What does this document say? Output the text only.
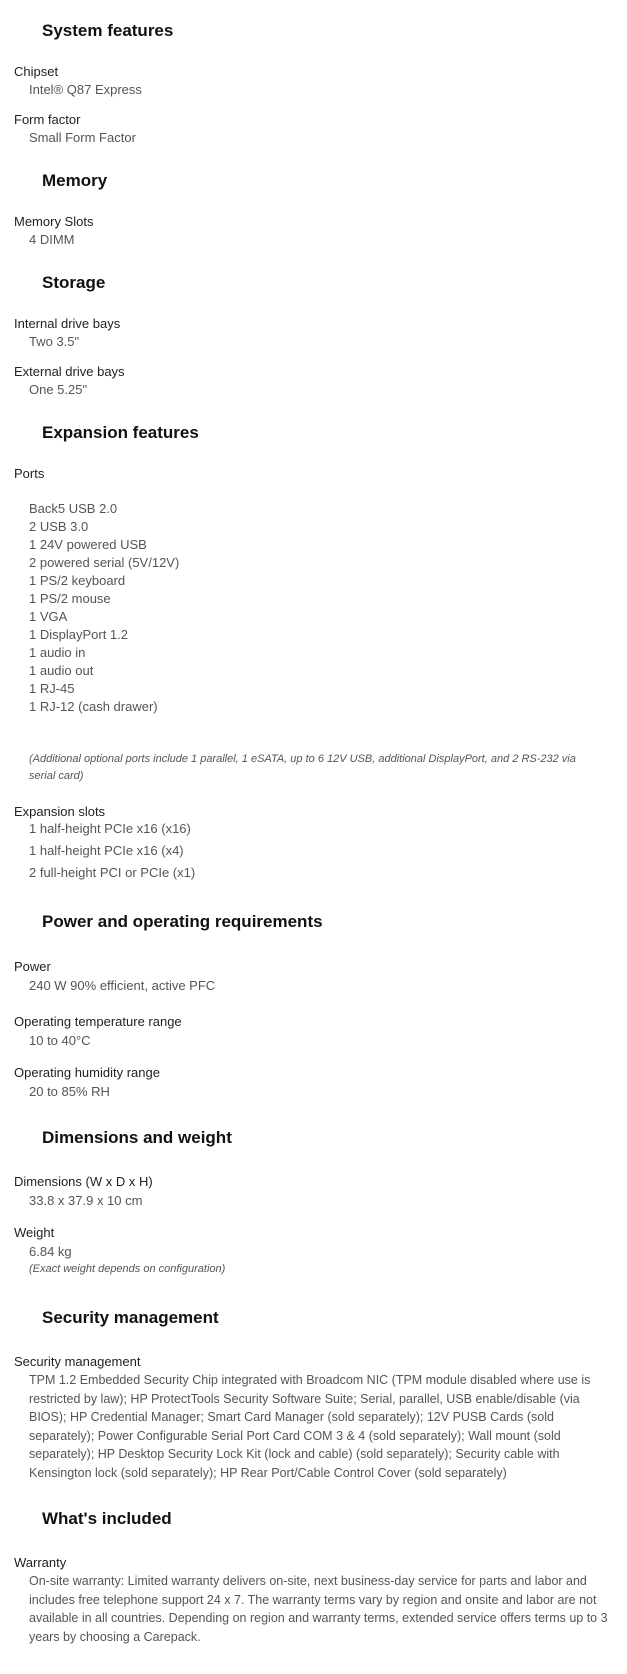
System features
Chipset
Intel® Q87 Express
Form factor
Small Form Factor
Memory
Memory Slots
4 DIMM
Storage
Internal drive bays
Two 3.5"
External drive bays
One 5.25"
Expansion features
Ports
Back5 USB 2.0
2 USB 3.0
1 24V powered USB
2 powered serial (5V/12V)
1 PS/2 keyboard
1 PS/2 mouse
1 VGA
1 DisplayPort 1.2
1 audio in
1 audio out
1 RJ-45
1 RJ-12 (cash drawer)
(Additional optional ports include 1 parallel, 1 eSATA, up to 6 12V USB, additional DisplayPort, and 2 RS-232 via serial card)
Expansion slots
1 half-height PCIe x16 (x16)
1 half-height PCIe x16 (x4)
2 full-height PCI or PCIe (x1)
Power and operating requirements
Power
240 W 90% efficient, active PFC
Operating temperature range
10 to 40°C
Operating humidity range
20 to 85% RH
Dimensions and weight
Dimensions (W x D x H)
33.8 x 37.9 x 10 cm
Weight
6.84 kg
(Exact weight depends on configuration)
Security management
Security management

TPM 1.2 Embedded Security Chip integrated with Broadcom NIC (TPM module disabled where use is restricted by law); HP ProtectTools Security Software Suite; Serial, parallel, USB enable/disable (via BIOS); HP Credential Manager; Smart Card Manager (sold separately); 12V PUSB Cards (sold separately); Power Configurable Serial Port Card COM 3 & 4 (sold separately); Wall mount (sold separately); HP Desktop Security Lock Kit (lock and cable) (sold separately); Security cable with Kensington lock (sold separately); HP Rear Port/Cable Control Cover (sold separately)

What's included
Warranty

On-site warranty: Limited warranty delivers on-site, next business-day service for parts and labor and includes free telephone support 24 x 7. The warranty terms vary by region and onsite and labor are not available in all countries. Depending on region and warranty terms, extended service offers terms up to 3 years by choosing a Carepack.
